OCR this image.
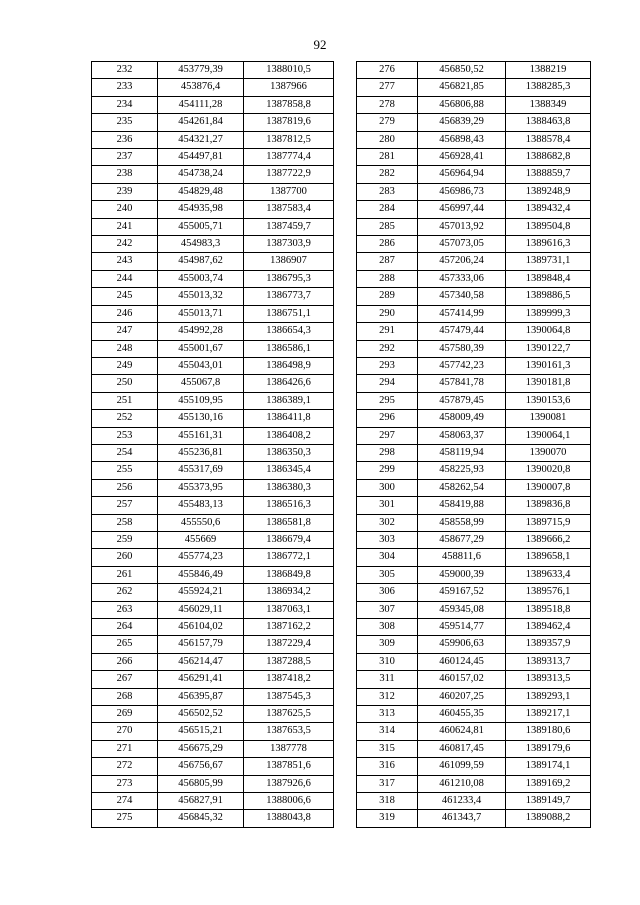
92
232	453779,39	1388010,5
233	453876,4	1387966
234	454111,28	1387858,8
235	454261,84	1387819,6
236	454321,27	1387812,5
237	454497,81	1387774,4
238	454738,24	1387722,9
239	454829,48	1387700
240	454935,98	1387583,4
241	455005,71	1387459,7
242	454983,3	1387303,9
243	454987,62	1386907
244	455003,74	1386795,3
245	455013,32	1386773,7
246	455013,71	1386751,1
247	454992,28	1386654,3
248	455001,67	1386586,1
249	455043,01	1386498,9
250	455067,8	1386426,6
251	455109,95	1386389,1
252	455130,16	1386411,8
253	455161,31	1386408,2
254	455236,81	1386350,3
255	455317,69	1386345,4
256	455373,95	1386380,3
257	455483,13	1386516,3
258	455550,6	1386581,8
259	455669	1386679,4
260	455774,23	1386772,1
261	455846,49	1386849,8
262	455924,21	1386934,2
263	456029,11	1387063,1
264	456104,02	1387162,2
265	456157,79	1387229,4
266	456214,47	1387288,5
267	456291,41	1387418,2
268	456395,87	1387545,3
269	456502,52	1387625,5
270	456515,21	1387653,5
271	456675,29	1387778
272	456756,67	1387851,6
273	456805,99	1387926,6
274	456827,91	1388006,6
275	456845,32	1388043,8
276	456850,52	1388219
277	456821,85	1388285,3
278	456806,88	1388349
279	456839,29	1388463,8
280	456898,43	1388578,4
281	456928,41	1388682,8
282	456964,94	1388859,7
283	456986,73	1389248,9
284	456997,44	1389432,4
285	457013,92	1389504,8
286	457073,05	1389616,3
287	457206,24	1389731,1
288	457333,06	1389848,4
289	457340,58	1389886,5
290	457414,99	1389999,3
291	457479,44	1390064,8
292	457580,39	1390122,7
293	457742,23	1390161,3
294	457841,78	1390181,8
295	457879,45	1390153,6
296	458009,49	1390081
297	458063,37	1390064,1
298	458119,94	1390070
299	458225,93	1390020,8
300	458262,54	1390007,8
301	458419,88	1389836,8
302	458558,99	1389715,9
303	458677,29	1389666,2
304	458811,6	1389658,1
305	459000,39	1389633,4
306	459167,52	1389576,1
307	459345,08	1389518,8
308	459514,77	1389462,4
309	459906,63	1389357,9
310	460124,45	1389313,7
311	460157,02	1389313,5
312	460207,25	1389293,1
313	460455,35	1389217,1
314	460624,81	1389180,6
315	460817,45	1389179,6
316	461099,59	1389174,1
317	461210,08	1389169,2
318	461233,4	1389149,7
319	461343,7	1389088,2
